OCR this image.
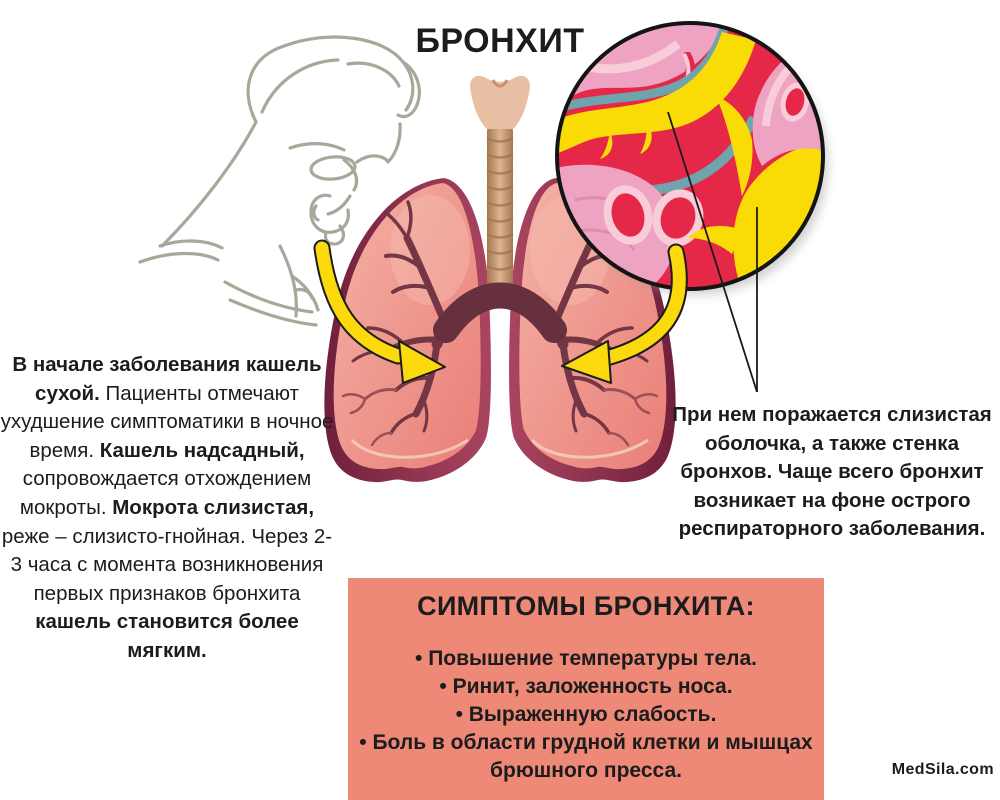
БРОНХИТ
В начале заболевания кашель сухой. Пациенты отмечают ухудшение симптоматики в ночное время. Кашель надсадный, сопровождается отхождением мокроты. Мокрота слизистая, реже – слизисто-гнойная. Через 2-3 часа с момента возникновения первых признаков бронхита кашель становится более мягким.
При нем поражается слизистая оболочка, а также стенка бронхов. Чаще всего бронхит возникает на фоне острого респираторного заболевания.
СИМПТОМЫ БРОНХИТА:
• Повышение температуры тела.
• Ринит, заложенность носа.
• Выраженную слабость.
• Боль в области грудной клетки и мышцах брюшного пресса.	MedSila.com
